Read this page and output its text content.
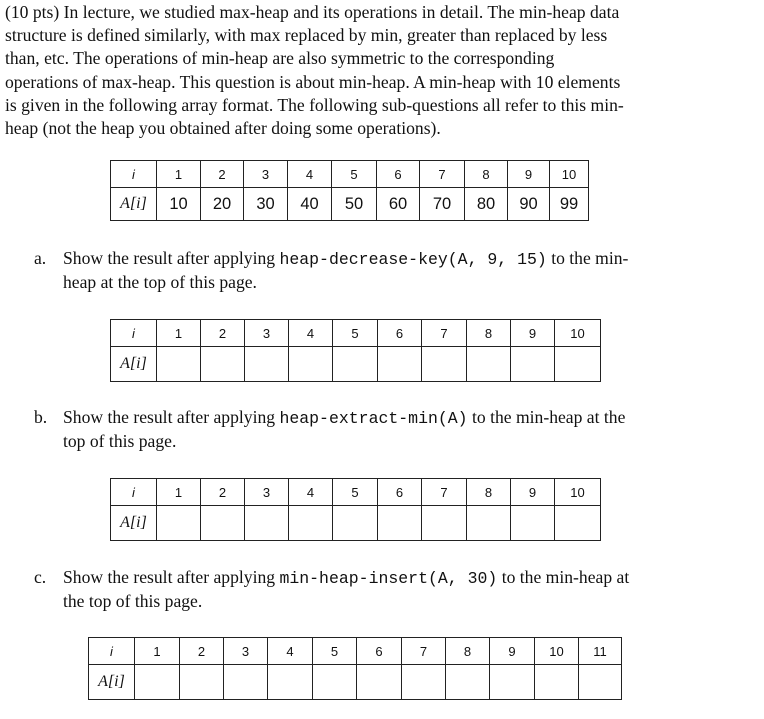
(10 pts) In lecture, we studied max-heap and its operations in detail. The min-heap data
structure is defined similarly, with max replaced by min, greater than replaced by less
than, etc. The operations of min-heap are also symmetric to the corresponding
operations of max-heap. This question is about min-heap. A min-heap with 10 elements
is given in the following array format. The following sub-questions all refer to this min-
heap (not the heap you obtained after doing some operations).
i	1	2	3	4	5	6	7	8	9	10
A[i]	10	20	30	40	50	60	70	80	90	99
a. Show the result after applying heap-decrease-key(A, 9, 15) to the min-
heap at the top of this page.
i	1	2	3	4	5	6	7	8	9	10
A[i]										
b. Show the result after applying heap-extract-min(A) to the min-heap at the
top of this page.
i	1	2	3	4	5	6	7	8	9	10
A[i]										
c. Show the result after applying min-heap-insert(A, 30) to the min-heap at
the top of this page.
i	1	2	3	4	5	6	7	8	9	10	11
A[i]											
